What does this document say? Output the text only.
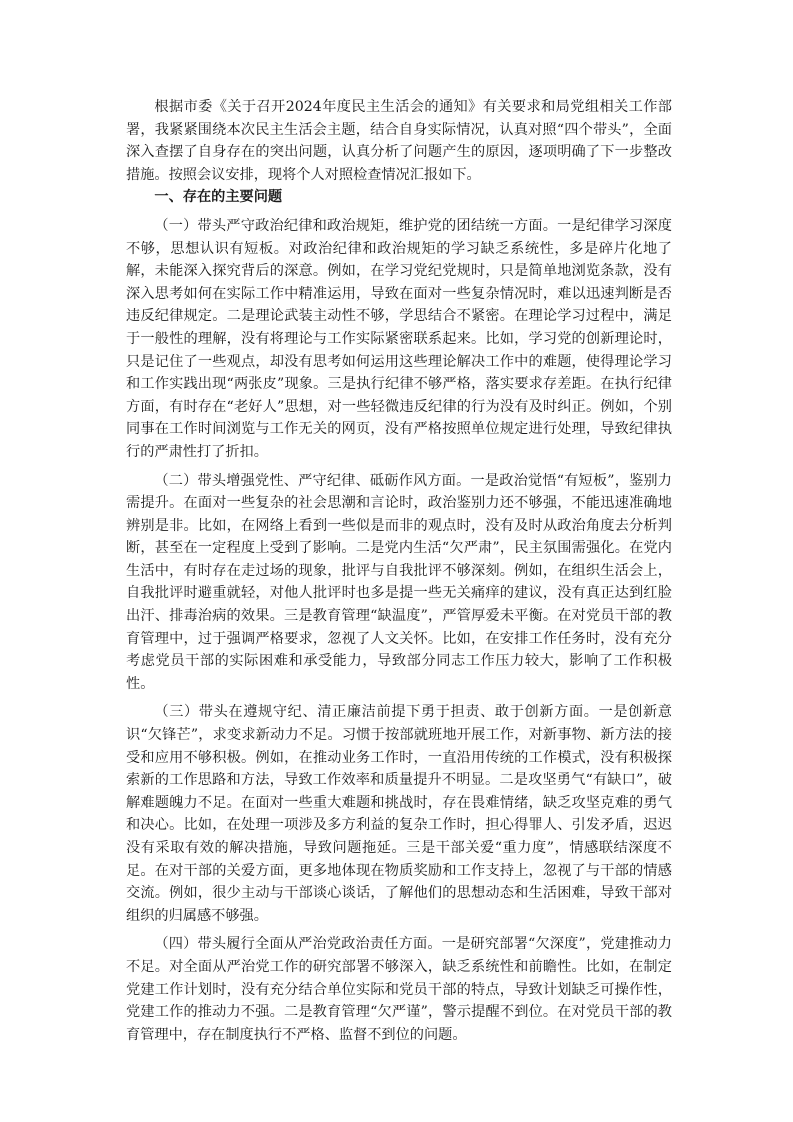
根据市委《关于召开2024年度民主生活会的通知》有关要求和局党组相关工作部署，我紧紧围绕本次民主生活会主题，结合自身实际情况，认真对照“四个带头”，全面深入查摆了自身存在的突出问题，认真分析了问题产生的原因，逐项明确了下一步整改措施。按照会议安排，现将个人对照检查情况汇报如下。

一、存在的主要问题

（一）带头严守政治纪律和政治规矩，维护党的团结统一方面。一是纪律学习深度不够，思想认识有短板。对政治纪律和政治规矩的学习缺乏系统性，多是碎片化地了解，未能深入探究背后的深意。例如，在学习党纪党规时，只是简单地浏览条款，没有深入思考如何在实际工作中精准运用，导致在面对一些复杂情况时，难以迅速判断是否违反纪律规定。二是理论武装主动性不够，学思结合不紧密。在理论学习过程中，满足于一般性的理解，没有将理论与工作实际紧密联系起来。比如，学习党的创新理论时，只是记住了一些观点，却没有思考如何运用这些理论解决工作中的难题，使得理论学习和工作实践出现“两张皮”现象。三是执行纪律不够严格，落实要求存差距。在执行纪律方面，有时存在“老好人”思想，对一些轻微违反纪律的行为没有及时纠正。例如，个别同事在工作时间浏览与工作无关的网页，没有严格按照单位规定进行处理，导致纪律执行的严肃性打了折扣。

（二）带头增强党性、严守纪律、砥砺作风方面。一是政治觉悟“有短板”，鉴别力需提升。在面对一些复杂的社会思潮和言论时，政治鉴别力还不够强，不能迅速准确地辨别是非。比如，在网络上看到一些似是而非的观点时，没有及时从政治角度去分析判断，甚至在一定程度上受到了影响。二是党内生活“欠严肃”，民主氛围需强化。在党内生活中，有时存在走过场的现象，批评与自我批评不够深刻。例如，在组织生活会上，自我批评时避重就轻，对他人批评时也多是提一些无关痛痒的建议，没有真正达到红脸出汗、排毒治病的效果。三是教育管理“缺温度”，严管厚爱未平衡。在对党员干部的教育管理中，过于强调严格要求，忽视了人文关怀。比如，在安排工作任务时，没有充分考虑党员干部的实际困难和承受能力，导致部分同志工作压力较大，影响了工作积极性。

（三）带头在遵规守纪、清正廉洁前提下勇于担责、敢于创新方面。一是创新意识“欠锋芒”，求变求新动力不足。习惯于按部就班地开展工作，对新事物、新方法的接受和应用不够积极。例如，在推动业务工作时，一直沿用传统的工作模式，没有积极探索新的工作思路和方法，导致工作效率和质量提升不明显。二是攻坚勇气“有缺口”，破解难题魄力不足。在面对一些重大难题和挑战时，存在畏难情绪，缺乏攻坚克难的勇气和决心。比如，在处理一项涉及多方利益的复杂工作时，担心得罪人、引发矛盾，迟迟没有采取有效的解决措施，导致问题拖延。三是干部关爱“重力度”，情感联结深度不足。在对干部的关爱方面，更多地体现在物质奖励和工作支持上，忽视了与干部的情感交流。例如，很少主动与干部谈心谈话，了解他们的思想动态和生活困难，导致干部对组织的归属感不够强。

（四）带头履行全面从严治党政治责任方面。一是研究部署“欠深度”，党建推动力不足。对全面从严治党工作的研究部署不够深入，缺乏系统性和前瞻性。比如，在制定党建工作计划时，没有充分结合单位实际和党员干部的特点，导致计划缺乏可操作性，党建工作的推动力不强。二是教育管理“欠严谨”，警示提醒不到位。在对党员干部的教育管理中，存在制度执行不严格、监督不到位的问题。
